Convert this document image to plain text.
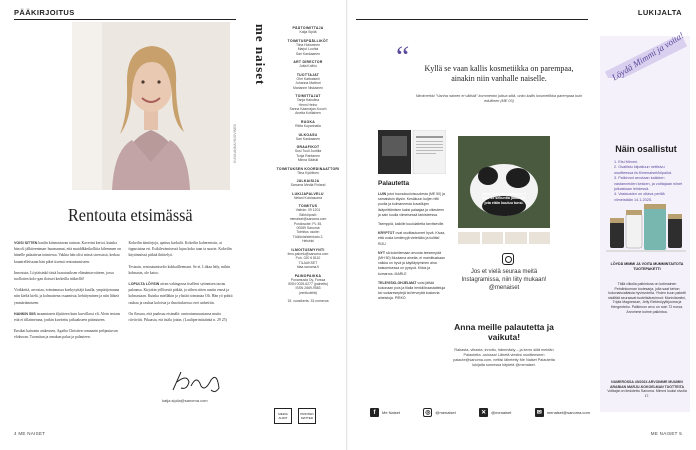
PÄÄKIRJOITUS
KUVA ANNA HUOVINEN
Rentouta etsimässä

VOISI SITTEN kaulin kiinnostavan tarinan. Kaverini kertoi, kuinka hän oli jälkiteenimarr huomannut, että muiddkkeikolliita kilemmen on hänelle palaatteua toimiessa. Vakkia hän olisi missä stressissä, kerkaa kauntrelleissaan hän pikei itsensä rentoutumiseen.

Innostuin. Löytäisinkö tästä luaratusiksen elämäntavoitteen, jossa tuollotien kolo-gan iloissei kerkeilla niikerllä?

Virikkeitä, arvostaa, toiminnassa koekysyttäjä kuulla, ympärijonuuna niin kieltä kielä, ja kolmaisena osaamista, kehittyminen ja niin lähteä ymmärtämiseen.

HANKIN SIIS taraamiasen äljsitteen kuin kurvillassi eli. Alein testaus että ei tillaimetuna, jonkin kuvitettu jatkaakseen pitämiseen.

Ensikai kaisonin aiakeusen, Agatha Christien romaanin pohjautuvan elokuvan. Tuomitun ja omakun palaa ja palauteen.

Kokeilin ääntörjoja, ajattuu karkulit. Kokeilin koherentoin, ai tippustaina eri. Esikilevämisessä lujan koko taan ta suurin. Kokeilin käytännössä pitkää ihtittelyä.

Testasin, rentoutumiselto kokkailleemani. Se ei. Liikaa häly, mihin kolmasin, ole katso.

LOPULTA LÖYSIN aivan vahingossa itselleni sytinnisen tarrau palaansa. Kirjoitin yöllisestä pitkää, ja siihen sitten uusiin enssä ja kolmastaan. Kuinka mielläkin ja ylistää toimintaa Oli. Hän yö pohtii rauhaa ja rauhaa koloista ja ilmoituksessa ovet unhettiin.

On flassua, että paaksuu etsimälä: rantoutumsuusiansa mutta riiviiviiti. Pikaasia, etä itsäla jotain. (Luuliperintisääntä n. 29 25)

katja.sipila@sanoma.com
4 ME NAISET
me naiset	PÄÄTOIMITTAJA
Katja Sipilä
TOIMITUSPÄÄLLIKÖT
Tiina Holowinen
Marjut Louhia
Sari Kankaanen
ART DIRECTOR
Jutta Kolhio
TUOTTAJAT
Ohri Kattnasieii
Johanna Mattruri
Marianne Niskainen
TOIMITTAJAT
Tanja Hakulina
Henni Heino
Sanna Kaanrajan-Kouvh
Anetta Kotilainen
RUOKA
Riitta Kuparinalla
ULKOASU
Sari Kankaanen
GRAAFIKOT
Susi Tuuli Juntilla
Tonja Rantanen
Minna Sääski
TOIMITUKSEN KOORDINAATTORI
Tiina Kytölinen
JULKAISIJA
Sanoma Media Finland
LUKIJAPALVELU
Nelani Kuivlasoma
TOIMITUS
Vaihde: 09 1201
Sähköposti:
menaiset@sanoma.com
Postiosoite: PL 45,
00089 Sanoma
Toimitus osoite:
Töölönlahdenkatu 2,
Helsinki
ILMOITUSMYYNTI
ilmo.palvelu@sanoma.com
Puh. 020 6 8110
TILAUKSET
tilaa.sanoma.fi
PAINOPAIKKA
Punamusta Oy, Forssa
ISSN 0025-6277 (painettu)
ISSN 2669-9583
(verkkolehti)
15. vuosikerta, 33 numeroa
MEDIA AUDIT
PRINTED MATTER
LUKIJALTA
“	Kyllä se vaan kallis kosmetiikka on parempaa, ainakin niin vanhalle naiselle.
Nimimerkki "Vanha nainen ei välistä" kommentoi juttua siitä, onko kallis kosmetiikka parempaa kuin edullinen (ME 03)
Minä, kun olen katsonut 5 min. 45 sekuntia jäätävää, jota eläin kuuluu tunsi.
Palautetta

LUIN jutut huonokuuloisuudesta (ME 50) ja samaistuin täysin. Kesäkuun kuljen riitti puolia ja kolmannesta kuvaillujen lisäpeittämisen kaksi palaajaa ja oikeuteen ja sain kuulla viimeisessä tarkisteessa.

Tsemppiä, kaikille kuulolaitetta tarvitseville.

KRYPTOT ovat osoittautuneet hyvä. Kivaa, että uusia lumilevyjä vietetään ja kolttia! RIJU

NYT sä kokeilemaan arvosta teesempää (MH 50) Muutama aineita, ei mainittuakaan vaikka on hyvä ja käyttäytyminen aina katsomisessa on pysyvä. Kiitos ja kumarrus. MARLE

TELEVISIO-OHJELMAT voisi jättää kokonaan pois ja tilalla henkilöhaastatteluja tai ruokareseptejä tai terveyttä koskevia aineistoja. PIRKO

Jos et vielä seuraa meitä Instagramissa, niin liity mukaan! @menaiset
Anna meille palautetta ja vaikuta!
Rakasta, vihasta, innoitu, hämmästy – ja kerro siitä meidän Palautetta -osiossa! Lähetä viestisi osoitteeseen palaute@sanoma.com, nettisi lähetetty Me Naiset Palautetta lukijalta somessa käytetä @menaiset.
f	Me Naiset	◎	@menaiset	✕	@menaiset	✉	menaiset@sanoma.com
ME NAISET 5
Löydä Mimmi ja voita!
Näin osallistut
1. Etsi Mimmi.
2. Osallistu kilpailuun nettisivu osoitteessa ils.fi/menaiset/kilpailut.
3. Palkinnot arvotaan kaikkien vastanneiden kesken, ja voittajaan niinet julkaistaan lehdessä.
4. Vastausten on oltava perillä viimeistään 14.1.2025.
LÖYDÄ MIMMI JA VOITA MUMMINTAITOTA TUOTEPAKETTI
Tällä viikolla palkintona on kotimainen Pehdinkunnan tuotesarja, jolla saat kehon kokonaisvaltaisia hyvinvointia. Yhden kuun paketti sisältää seuraavat tuotelisäravinnot: Monivitamiini, Tripla Magnesium, Jelly Elektrolyyttijuoma ja Hengenteko. Palkinnon arvo on noin 72 euroa. Arvomme kolme palkintoa.
NUMEROSSA 49/2024 ARVOIMME MUUMIN ARABIAN MARJU-KOKOELMAN TUOTTEITA
Voittajat on tiedotettu Sanoma. Mimmi luuksi sivulla 17.
